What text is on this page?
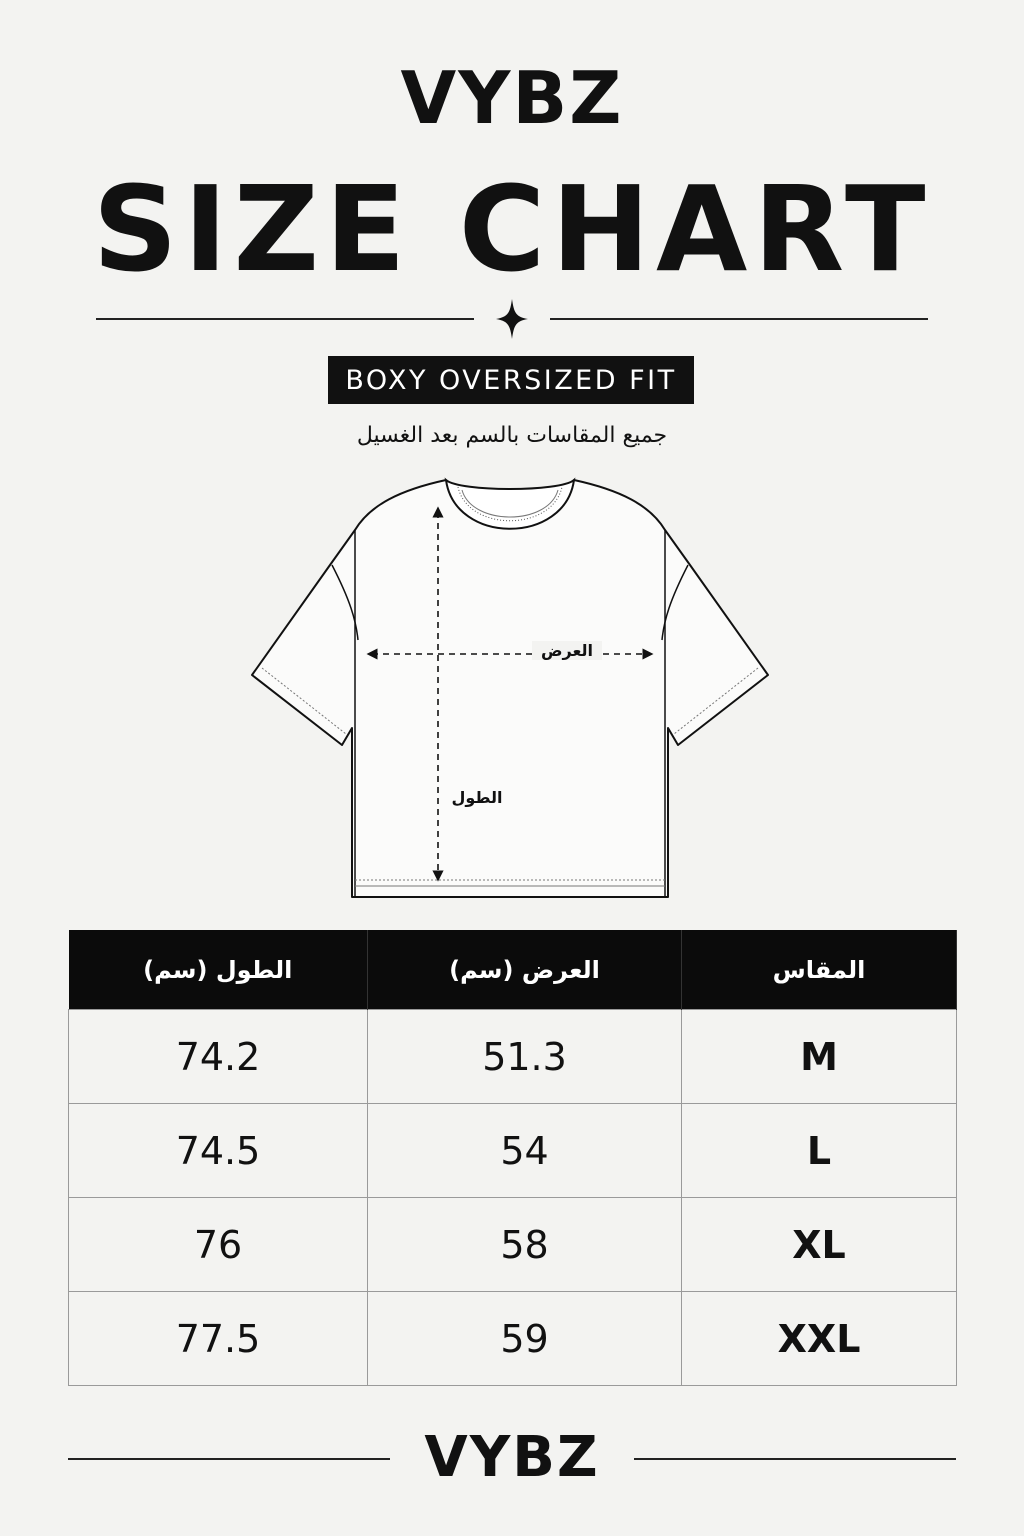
VYBZ
SIZE CHART
BOXY OVERSIZED FIT
جميع المقاسات بالسم بعد الغسيل
العرض
الطول
الطول (سم)	العرض (سم)	المقاس
74.2	51.3	M
74.5	54	L
76	58	XL
77.5	59	XXL
VYBZ
